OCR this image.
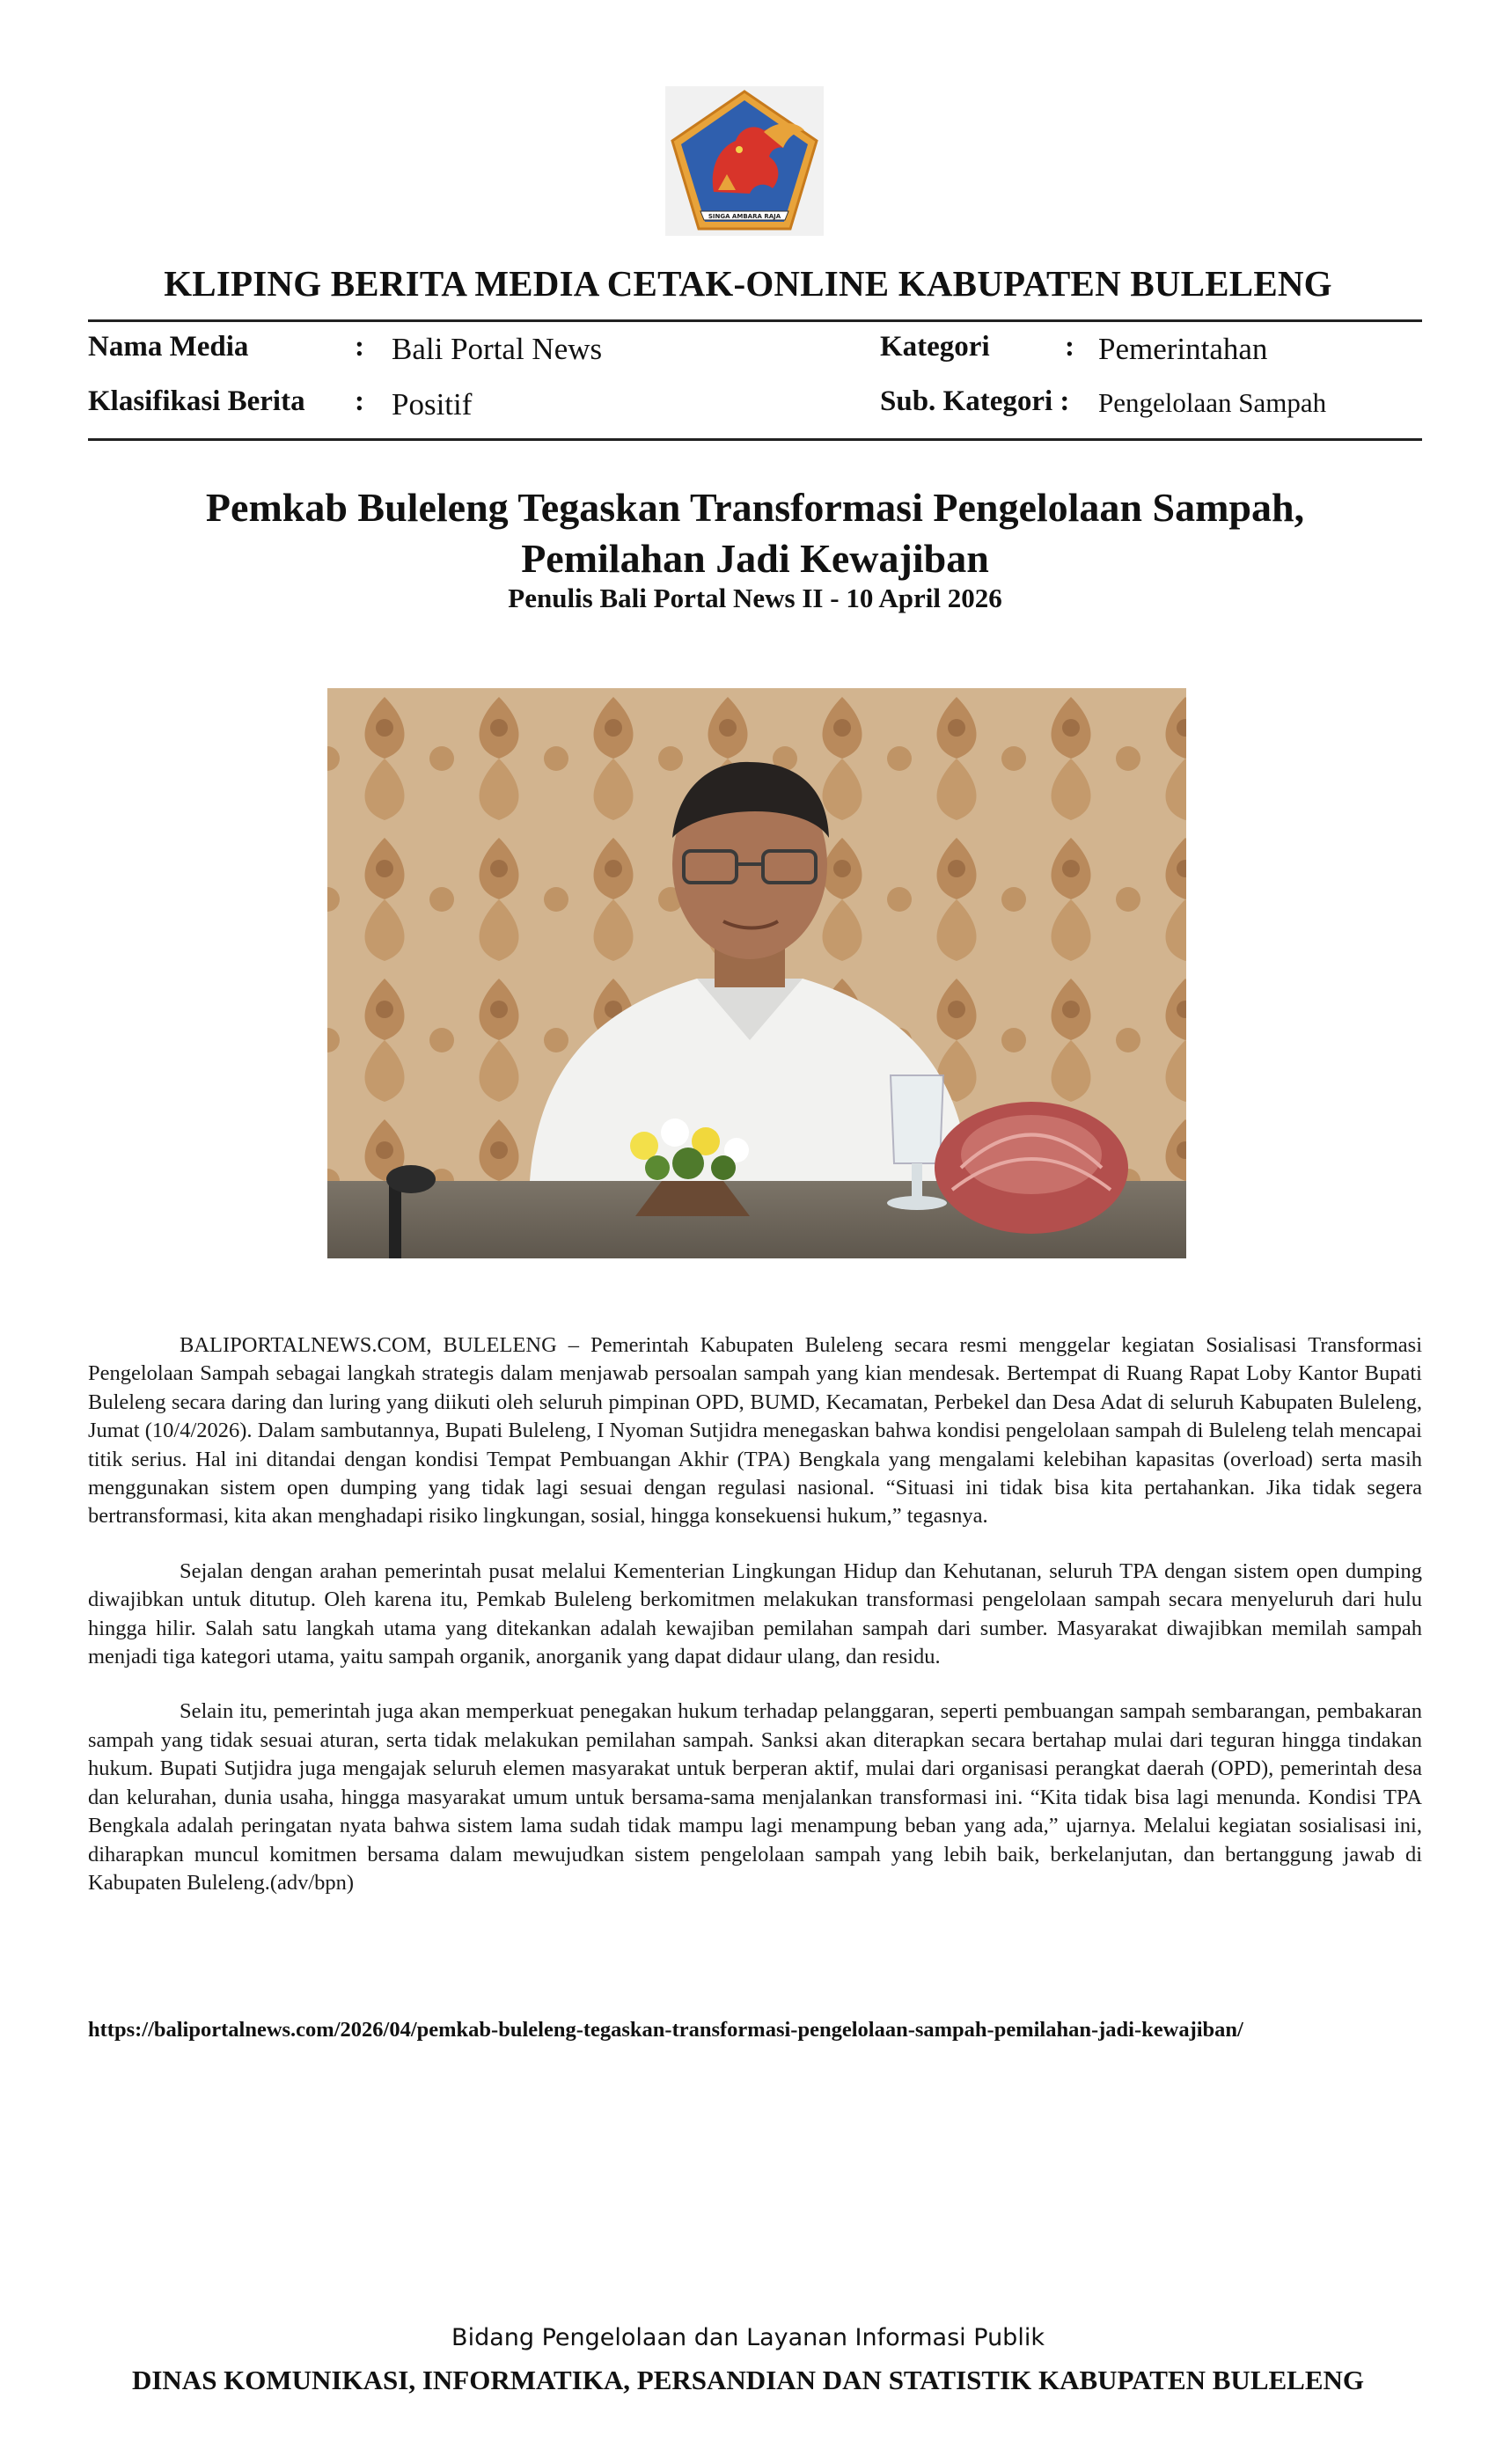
SINGA AMBARA RAJA
KLIPING BERITA MEDIA CETAK-ONLINE KABUPATEN BULELENG
Nama Media	: Bali Portal News
Klasifikasi Berita : Positif
Kategori	: Pemerintahan
Sub. Kategori : Pengelolaan Sampah
Pemkab Buleleng Tegaskan Transformasi Pengelolaan Sampah,
Pemilahan Jadi Kewajiban
Penulis Bali Portal News II - 10 April 2026

BALIPORTALNEWS.COM, BULELENG – Pemerintah Kabupaten Buleleng secara resmi menggelar kegiatan Sosialisasi Transformasi Pengelolaan Sampah sebagai langkah strategis dalam menjawab persoalan sampah yang kian mendesak. Bertempat di Ruang Rapat Loby Kantor Bupati Buleleng secara daring dan luring yang diikuti oleh seluruh pimpinan OPD, BUMD, Kecamatan, Perbekel dan Desa Adat di seluruh Kabupaten Buleleng, Jumat (10/4/2026). Dalam sambutannya, Bupati Buleleng, I Nyoman Sutjidra menegaskan bahwa kondisi pengelolaan sampah di Buleleng telah mencapai titik serius. Hal ini ditandai dengan kondisi Tempat Pembuangan Akhir (TPA) Bengkala yang mengalami kelebihan kapasitas (overload) serta masih menggunakan sistem open dumping yang tidak lagi sesuai dengan regulasi nasional. “Situasi ini tidak bisa kita pertahankan. Jika tidak segera bertransformasi, kita akan menghadapi risiko lingkungan, sosial, hingga konsekuensi hukum,” tegasnya.

Sejalan dengan arahan pemerintah pusat melalui Kementerian Lingkungan Hidup dan Kehutanan, seluruh TPA dengan sistem open dumping diwajibkan untuk ditutup. Oleh karena itu, Pemkab Buleleng berkomitmen melakukan transformasi pengelolaan sampah secara menyeluruh dari hulu hingga hilir. Salah satu langkah utama yang ditekankan adalah kewajiban pemilahan sampah dari sumber. Masyarakat diwajibkan memilah sampah menjadi tiga kategori utama, yaitu sampah organik, anorganik yang dapat didaur ulang, dan residu.

Selain itu, pemerintah juga akan memperkuat penegakan hukum terhadap pelanggaran, seperti pembuangan sampah sembarangan, pembakaran sampah yang tidak sesuai aturan, serta tidak melakukan pemilahan sampah. Sanksi akan diterapkan secara bertahap mulai dari teguran hingga tindakan hukum. Bupati Sutjidra juga mengajak seluruh elemen masyarakat untuk berperan aktif, mulai dari organisasi perangkat daerah (OPD), pemerintah desa dan kelurahan, dunia usaha, hingga masyarakat umum untuk bersama-sama menjalankan transformasi ini. “Kita tidak bisa lagi menunda. Kondisi TPA Bengkala adalah peringatan nyata bahwa sistem lama sudah tidak mampu lagi menampung beban yang ada,” ujarnya. Melalui kegiatan sosialisasi ini, diharapkan muncul komitmen bersama dalam mewujudkan sistem pengelolaan sampah yang lebih baik, berkelanjutan, dan bertanggung jawab di Kabupaten Buleleng.(adv/bpn)

https://baliportalnews.com/2026/04/pemkab-buleleng-tegaskan-transformasi-pengelolaan-sampah-pemilahan-jadi-kewajiban/
Bidang Pengelolaan dan Layanan Informasi Publik
DINAS KOMUNIKASI, INFORMATIKA, PERSANDIAN DAN STATISTIK KABUPATEN BULELENG
